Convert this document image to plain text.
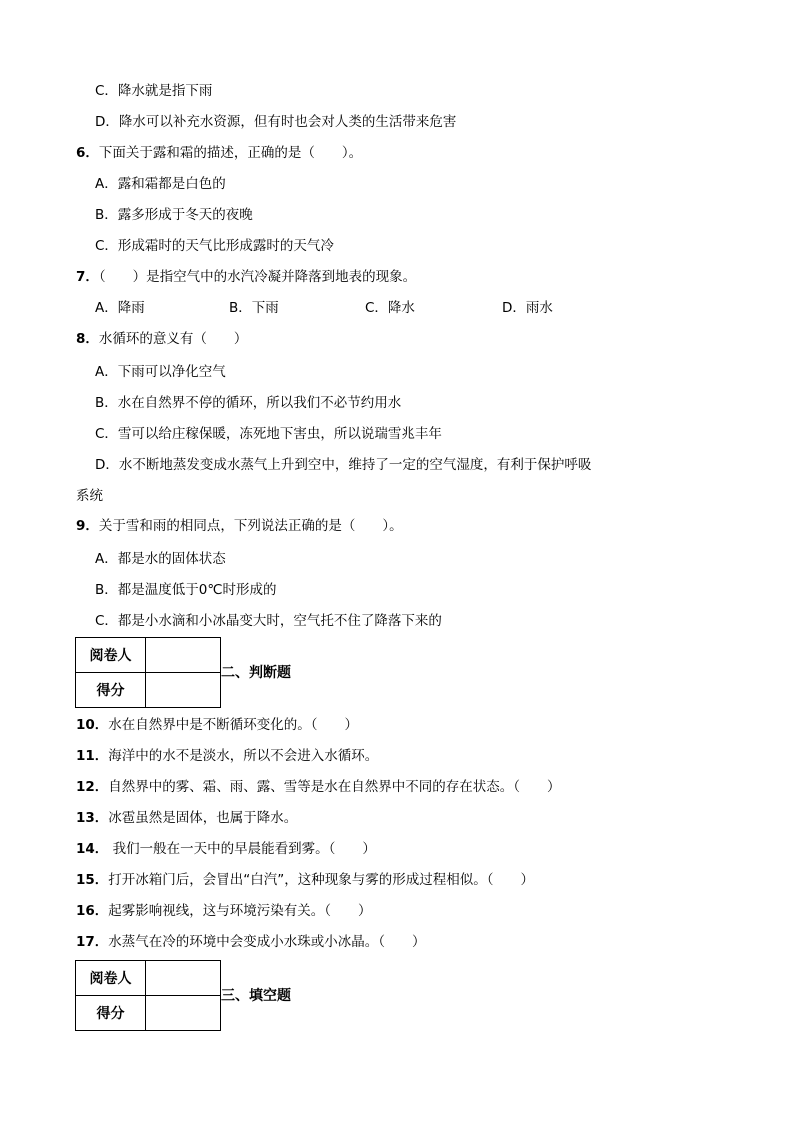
C．降水就是指下雨
D．降水可以补充水资源，但有时也会对人类的生活带来危害
6．下面关于露和霜的描述，正确的是（　　）。
A．露和霜都是白色的
B．露多形成于冬天的夜晚
C．形成霜时的天气比形成露时的天气冷
7．（　　）是指空气中的水汽冷凝并降落到地表的现象。
A．降雨	B．下雨	C．降水	D．雨水
8．水循环的意义有（　　）
A．下雨可以净化空气
B．水在自然界不停的循环，所以我们不必节约用水
C．雪可以给庄稼保暖，冻死地下害虫，所以说瑞雪兆丰年
D．水不断地蒸发变成水蒸气上升到空中，维持了一定的空气湿度，有利于保护呼吸
系统
9．关于雪和雨的相同点，下列说法正确的是（　　）。
A．都是水的固体状态
B．都是温度低于0℃时形成的
C．都是小水滴和小冰晶变大时，空气托不住了降落下来的
阅卷人	
得分	
二、判断题
10．水在自然界中是不断循环变化的。（　　）
11．海洋中的水不是淡水，所以不会进入水循环。
12．自然界中的雾、霜、雨、露、雪等是水在自然界中不同的存在状态。（　　）
13．冰雹虽然是固体，也属于降水。
14． 我们一般在一天中的早晨能看到雾。（　　）
15．打开冰箱门后，会冒出“白汽”，这种现象与雾的形成过程相似。（　　）
16．起雾影响视线，这与环境污染有关。（　　）
17．水蒸气在冷的环境中会变成小水珠或小冰晶。（　　）
阅卷人	
得分	
三、填空题
